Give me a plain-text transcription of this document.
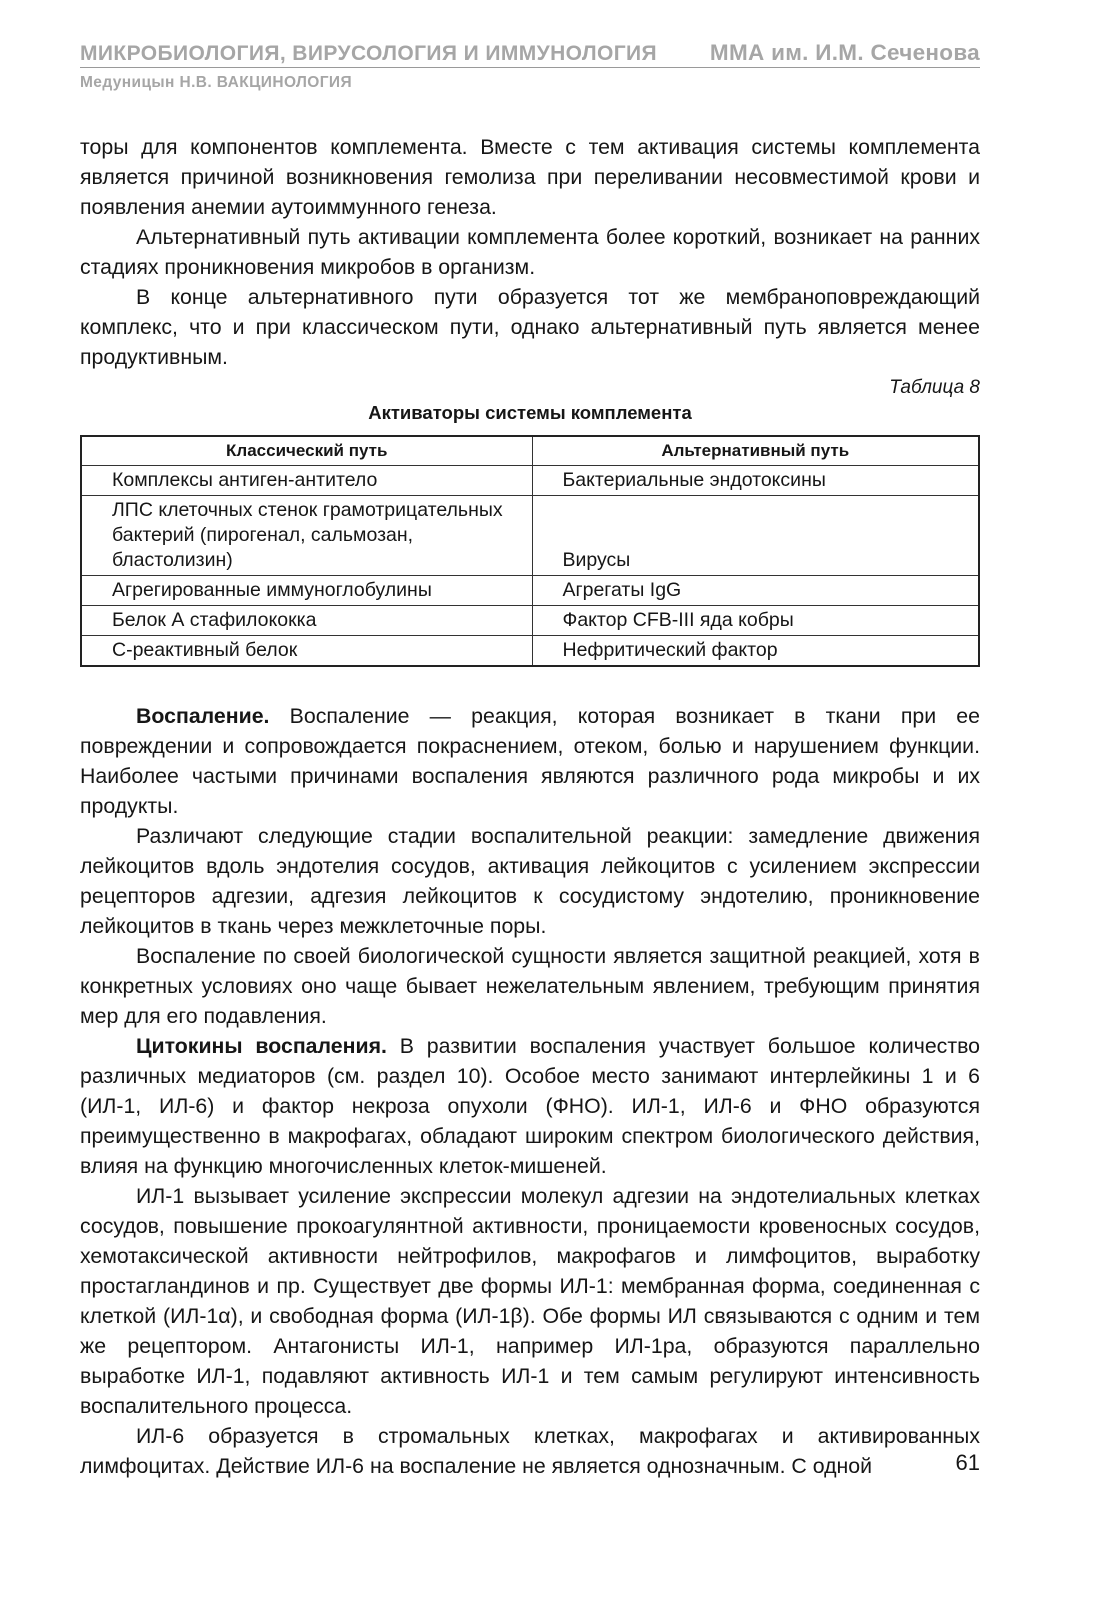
МИКРОБИОЛОГИЯ, ВИРУСОЛОГИЯ И ИММУНОЛОГИЯ ММА им. И.М. Сеченова
Медуницын Н.В. ВАКЦИНОЛОГИЯ

торы для компонентов комплемента. Вместе с тем активация системы комплемента является причиной возникновения гемолиза при переливании несовместимой крови и появления анемии аутоиммунного генеза.

Альтернативный путь активации комплемента более короткий, возникает на ранних стадиях проникновения микробов в организм.

В конце альтернативного пути образуется тот же мембраноповреждающий комплекс, что и при классическом пути, однако альтернативный путь является менее продуктивным.

Таблица 8
Активаторы системы комплемента
Классический путь	Альтернативный путь
Комплексы антиген-антитело	Бактериальные эндотоксины
ЛПС клеточных стенок грамотрицательных бактерий (пирогенал, сальмозан, бластолизин)	Вирусы
Агрегированные иммуноглобулины	Агрегаты IgG
Белок А стафилококка	Фактор CFB-III яда кобры
С-реактивный белок	Нефритический фактор

Воспаление. Воспаление — реакция, которая возникает в ткани при ее повреждении и сопровождается покраснением, отеком, болью и нарушением функции. Наиболее частыми причинами воспаления являются различного рода микробы и их продукты.

Различают следующие стадии воспалительной реакции: замедление движения лейкоцитов вдоль эндотелия сосудов, активация лейкоцитов с усилением экспрессии рецепторов адгезии, адгезия лейкоцитов к сосудистому эндотелию, проникновение лейкоцитов в ткань через межклеточные поры.

Воспаление по своей биологической сущности является защитной реакцией, хотя в конкретных условиях оно чаще бывает нежелательным явлением, требующим принятия мер для его подавления.

Цитокины воспаления. В развитии воспаления участвует большое количество различных медиаторов (см. раздел 10). Особое место занимают интерлейкины 1 и 6 (ИЛ-1, ИЛ-6) и фактор некроза опухоли (ФНО). ИЛ-1, ИЛ-6 и ФНО образуются преимущественно в макрофагах, обладают широким спектром биологического действия, влияя на функцию многочисленных клеток-мишеней.

ИЛ-1 вызывает усиление экспрессии молекул адгезии на эндотелиальных клетках сосудов, повышение прокоагулянтной активности, проницаемости кровеносных сосудов, хемотаксической активности нейтрофилов, макрофагов и лимфоцитов, выработку простагландинов и пр. Существует две формы ИЛ-1: мембранная форма, соединенная с клеткой (ИЛ-1α), и свободная форма (ИЛ-1β). Обе формы ИЛ связываются с одним и тем же рецептором. Антагонисты ИЛ-1, например ИЛ-1ра, образуются параллельно выработке ИЛ-1, подавляют активность ИЛ-1 и тем самым регулируют интенсивность воспалительного процесса.

ИЛ-6 образуется в стромальных клетках, макрофагах и активированных лимфоцитах. Действие ИЛ-6 на воспаление не является однозначным. С одной	61
